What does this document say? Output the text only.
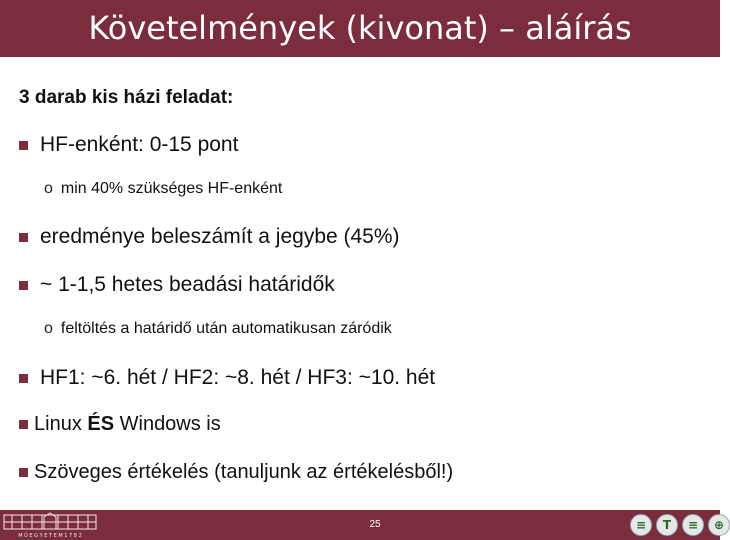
Követelmények (kivonat) – aláírás
3 darab kis házi feladat:
HF-enként: 0-15 pont
o min 40% szükséges HF-enként
eredménye beleszámít a jegybe (45%)
~ 1-1,5 hetes beadási határidők
o feltöltés a határidő után automatikusan záródik
HF1: ~6. hét / HF2: ~8. hét / HF3: ~10. hét
Linux ÉS Windows is
Szöveges értékelés (tanuljunk az értékelésből!)
M Ű E G Y E T E M 1 7 8 2
25	≡	T	≡	⊕
